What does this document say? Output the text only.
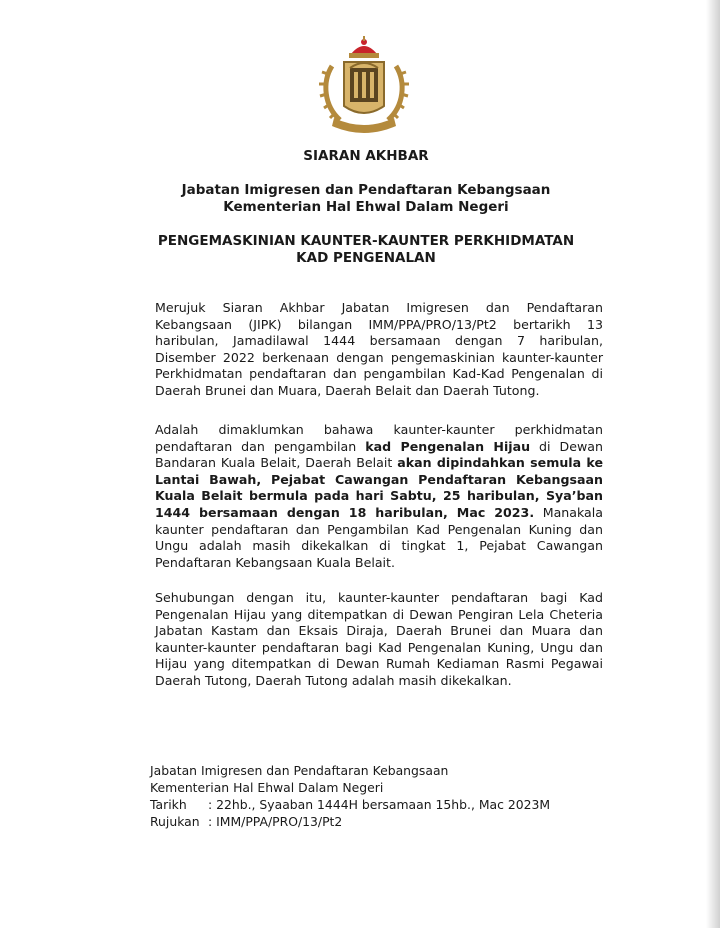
SIARAN AKHBAR

Jabatan Imigresen dan Pendaftaran Kebangsaan

Kementerian Hal Ehwal Dalam Negeri

PENGEMASKINIAN KAUNTER-KAUNTER PERKHIDMATAN

KAD PENGENALAN

Merujuk Siaran Akhbar Jabatan Imigresen dan Pendaftaran Kebangsaan (JIPK) bilangan IMM/PPA/PRO/13/Pt2 bertarikh 13 haribulan, Jamadilawal 1444 bersamaan dengan 7 haribulan, Disember 2022 berkenaan dengan pengemaskinian kaunter-kaunter Perkhidmatan pendaftaran dan pengambilan Kad-Kad Pengenalan di Daerah Brunei dan Muara, Daerah Belait dan Daerah Tutong.

Adalah dimaklumkan bahawa kaunter-kaunter perkhidmatan pendaftaran dan pengambilan kad Pengenalan Hijau di Dewan Bandaran Kuala Belait, Daerah Belait akan dipindahkan semula ke Lantai Bawah, Pejabat Cawangan Pendaftaran Kebangsaan Kuala Belait bermula pada hari Sabtu, 25 haribulan, Sya’ban 1444 bersamaan dengan 18 haribulan, Mac 2023. Manakala kaunter pendaftaran dan Pengambilan Kad Pengenalan Kuning dan Ungu adalah masih dikekalkan di tingkat 1, Pejabat Cawangan Pendaftaran Kebangsaan Kuala Belait.

Sehubungan dengan itu, kaunter-kaunter pendaftaran bagi Kad Pengenalan Hijau yang ditempatkan di Dewan Pengiran Lela Cheteria Jabatan Kastam dan Eksais Diraja, Daerah Brunei dan Muara dan kaunter-kaunter pendaftaran bagi Kad Pengenalan Kuning, Ungu dan Hijau yang ditempatkan di Dewan Rumah Kediaman Rasmi Pegawai Daerah Tutong, Daerah Tutong adalah masih dikekalkan.

Jabatan Imigresen dan Pendaftaran Kebangsaan
Kementerian Hal Ehwal Dalam Negeri
Tarikh : 22hb., Syaaban 1444H bersamaan 15hb., Mac 2023M
Rujukan : IMM/PPA/PRO/13/Pt2
